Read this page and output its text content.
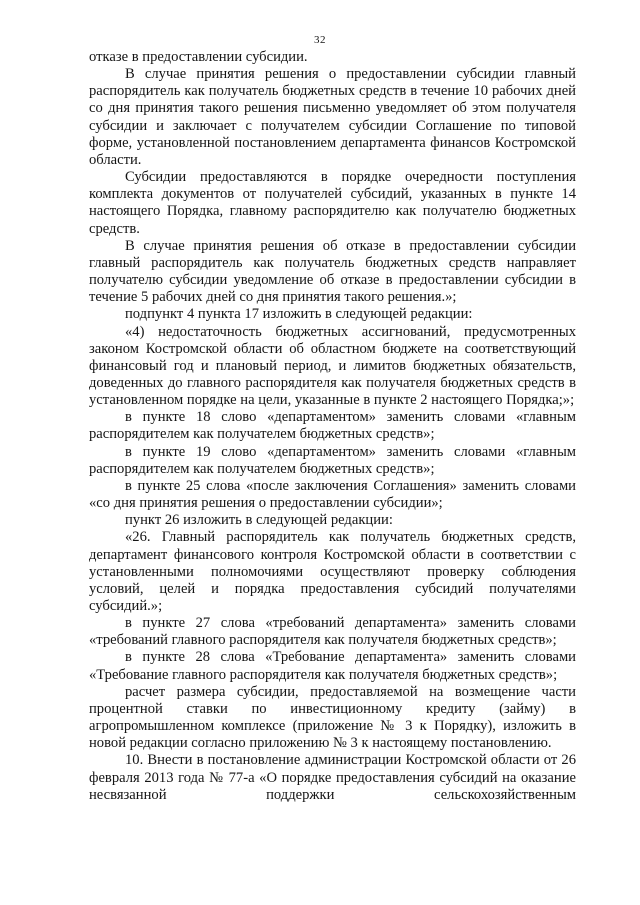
32

отказе в предоставлении субсидии.

В случае принятия решения о предоставлении субсидии главный распорядитель как получатель бюджетных средств в течение 10 рабочих дней со дня принятия такого решения письменно уведомляет об этом получателя субсидии и заключает с получателем субсидии Соглашение по типовой форме, установленной постановлением департамента финансов Костромской области.

Субсидии предоставляются в порядке очередности поступления комплекта документов от получателей субсидий, указанных в пункте 14 настоящего Порядка, главному распорядителю как получателю бюджетных средств.

В случае принятия решения об отказе в предоставлении субсидии главный распорядитель как получатель бюджетных средств направляет получателю субсидии уведомление об отказе в предоставлении субсидии в течение 5 рабочих дней со дня принятия такого решения.»;

подпункт 4 пункта 17 изложить в следующей редакции:

«4) недостаточность бюджетных ассигнований, предусмотренных законом Костромской области об областном бюджете на соответствующий финансовый год и плановый период, и лимитов бюджетных обязательств, доведенных до главного распорядителя как получателя бюджетных средств в установленном порядке на цели, указанные в пункте 2 настоящего Порядка;»;

в пункте 18 слово «департаментом» заменить словами «главным распорядителем как получателем бюджетных средств»;

в пункте 19 слово «департаментом» заменить словами «главным распорядителем как получателем бюджетных средств»;

в пункте 25 слова «после заключения Соглашения» заменить словами «со дня принятия решения о предоставлении субсидии»;

пункт 26 изложить в следующей редакции:

«26. Главный распорядитель как получатель бюджетных средств, департамент финансового контроля Костромской области в соответствии с установленными полномочиями осуществляют проверку соблюдения условий, целей и порядка предоставления субсидий получателями субсидий.»;

в пункте 27 слова «требований департамента» заменить словами «требований главного распорядителя как получателя бюджетных средств»;

в пункте 28 слова «Требование департамента» заменить словами «Требование главного распорядителя как получателя бюджетных средств»;

расчет размера субсидии, предоставляемой на возмещение части процентной ставки по инвестиционному кредиту (займу) в агропромышленном комплексе (приложение № 3 к Порядку), изложить в новой редакции согласно приложению № 3 к настоящему постановлению.

10. Внести в постановление администрации Костромской области от 26 февраля 2013 года № 77-а «О порядке предоставления субсидий на оказание несвязанной поддержки сельскохозяйственным
